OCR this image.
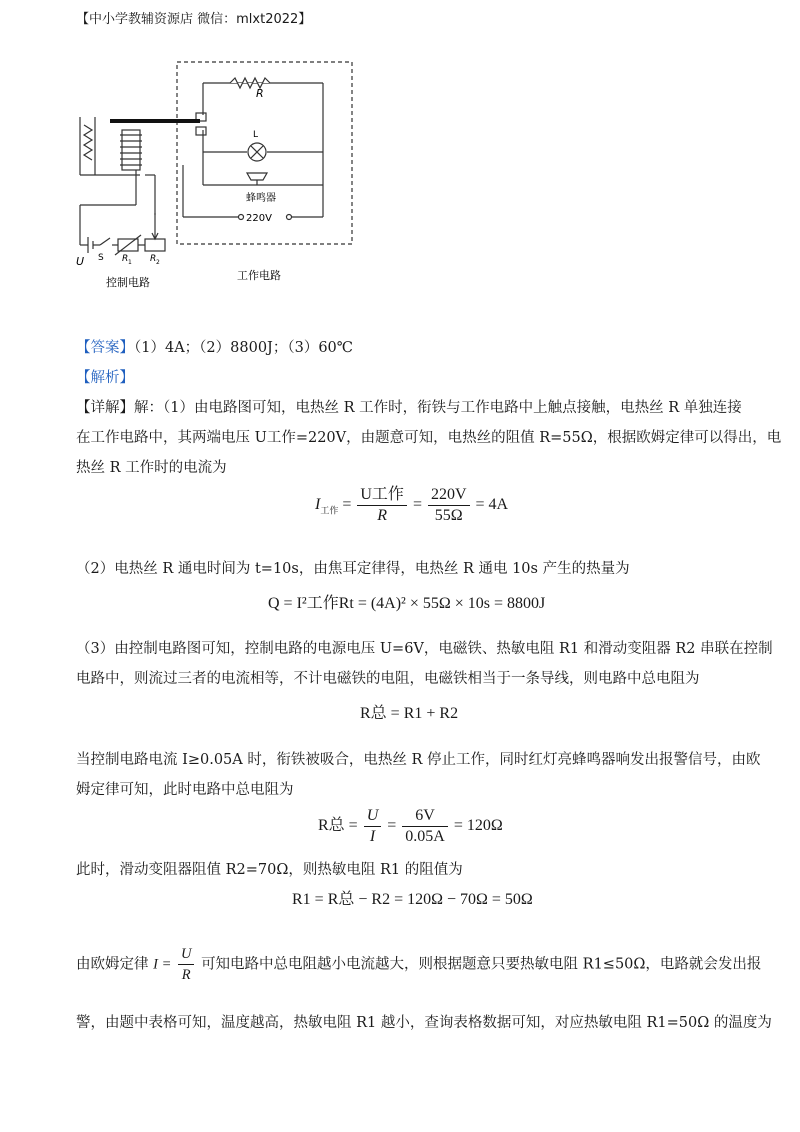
【中小学教辅资源店 微信：mlxt2022】
R
L
蜂鸣器
220V
U S R 1 R 2
控制电路
工作电路
【答案】（1）4A；（2）8800J；（3）60℃
【解析】
【详解】解：（1）由电路图可知，电热丝 R 工作时，衔铁与工作电路中上触点接触，电热丝 R 单独连接
在工作电路中，其两端电压 U工作=220V，由题意可知，电热丝的阻值 R=55Ω，根据欧姆定律可以得出，电
热丝 R 工作时的电流为
$I_{工作} = \frac{\text{U工作}}{R} = \frac{220V}{55\Omega} = 4A$
（2）电热丝 R 通电时间为 t=10s，由焦耳定律得，电热丝 R 通电 10s 产生的热量为
Q = I²工作Rt = (4A)² × 55Ω × 10s = 8800J
（3）由控制电路图可知，控制电路的电源电压 U=6V，电磁铁、热敏电阻 R1 和滑动变阻器 R2 串联在控制
电路中，则流过三者的电流相等，不计电磁铁的电阻，电磁铁相当于一条导线，则电路中总电阻为
R总 = R1 + R2
当控制电路电流 I≥0.05A 时，衔铁被吸合，电热丝 R 停止工作，同时红灯亮蜂鸣器响发出报警信号，由欧
姆定律可知，此时电路中总电阻为
R总 = $\frac{U}{I} = \frac{6V}{0.05A} = 120\Omega$
此时，滑动变阻器阻值 R2=70Ω，则热敏电阻 R1 的阻值为
R1 = R总 − R2 = 120Ω − 70Ω = 50Ω
由欧姆定律 $I = \frac{U}{R}$ 可知电路中总电阻越小电流越大，则根据题意只要热敏电阻 R1≤50Ω，电路就会发出报
警，由题中表格可知，温度越高，热敏电阻 R1 越小，查询表格数据可知，对应热敏电阻 R1=50Ω 的温度为
